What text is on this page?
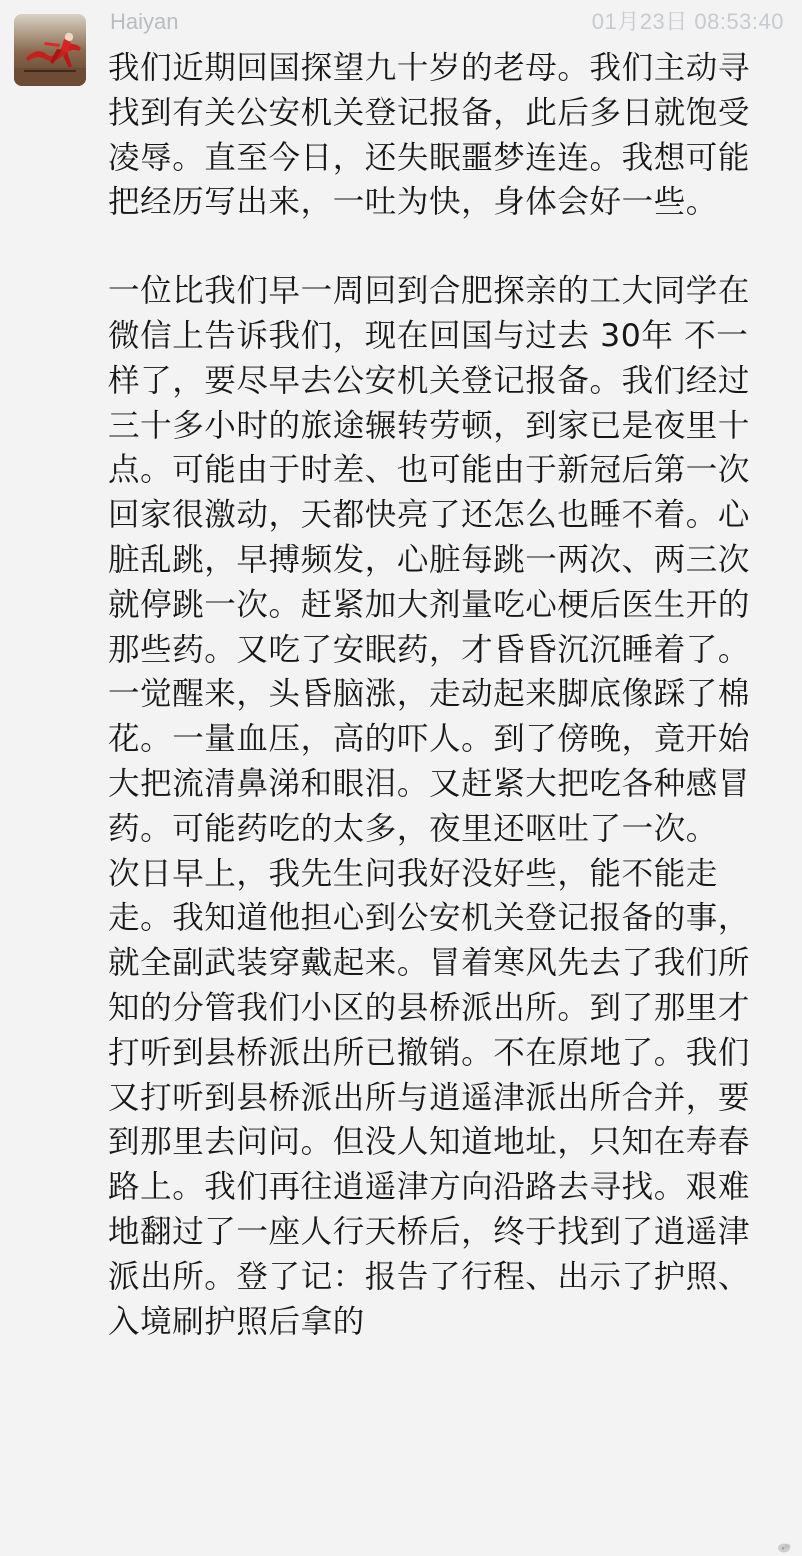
Haiyan	01月23日 08:53:40

我们近期回国探望九十岁的老母。我们主动寻找到有关公安机关登记报备，此后多日就饱受凌辱。直至今日，还失眠噩梦连连。我想可能把经历写出来，一吐为快，身体会好一些。

一位比我们早一周回到合肥探亲的工大同学在微信上告诉我们，现在回国与过去 30年 不一样了，要尽早去公安机关登记报备。我们经过三十多小时的旅途辗转劳顿，到家已是夜里十点。可能由于时差、也可能由于新冠后第一次回家很激动，天都快亮了还怎么也睡不着。心脏乱跳，早搏频发，心脏每跳一两次、两三次就停跳一次。赶紧加大剂量吃心梗后医生开的那些药。又吃了安眠药，才昏昏沉沉睡着了。一觉醒来，头昏脑涨，走动起来脚底像踩了棉花。一量血压，高的吓人。到了傍晚，竟开始大把流清鼻涕和眼泪。又赶紧大把吃各种感冒药。可能药吃的太多，夜里还呕吐了一次。

次日早上，我先生问我好没好些，能不能走走。我知道他担心到公安机关登记报备的事，就全副武装穿戴起来。冒着寒风先去了我们所知的分管我们小区的县桥派出所。到了那里才打听到县桥派出所已撤销。不在原地了。我们又打听到县桥派出所与逍遥津派出所合并，要到那里去问问。但没人知道地址，只知在寿春路上。我们再往逍遥津方向沿路去寻找。艰难地翻过了一座人行天桥后，终于找到了逍遥津派出所。登了记：报告了行程、出示了护照、入境刷护照后拿的
